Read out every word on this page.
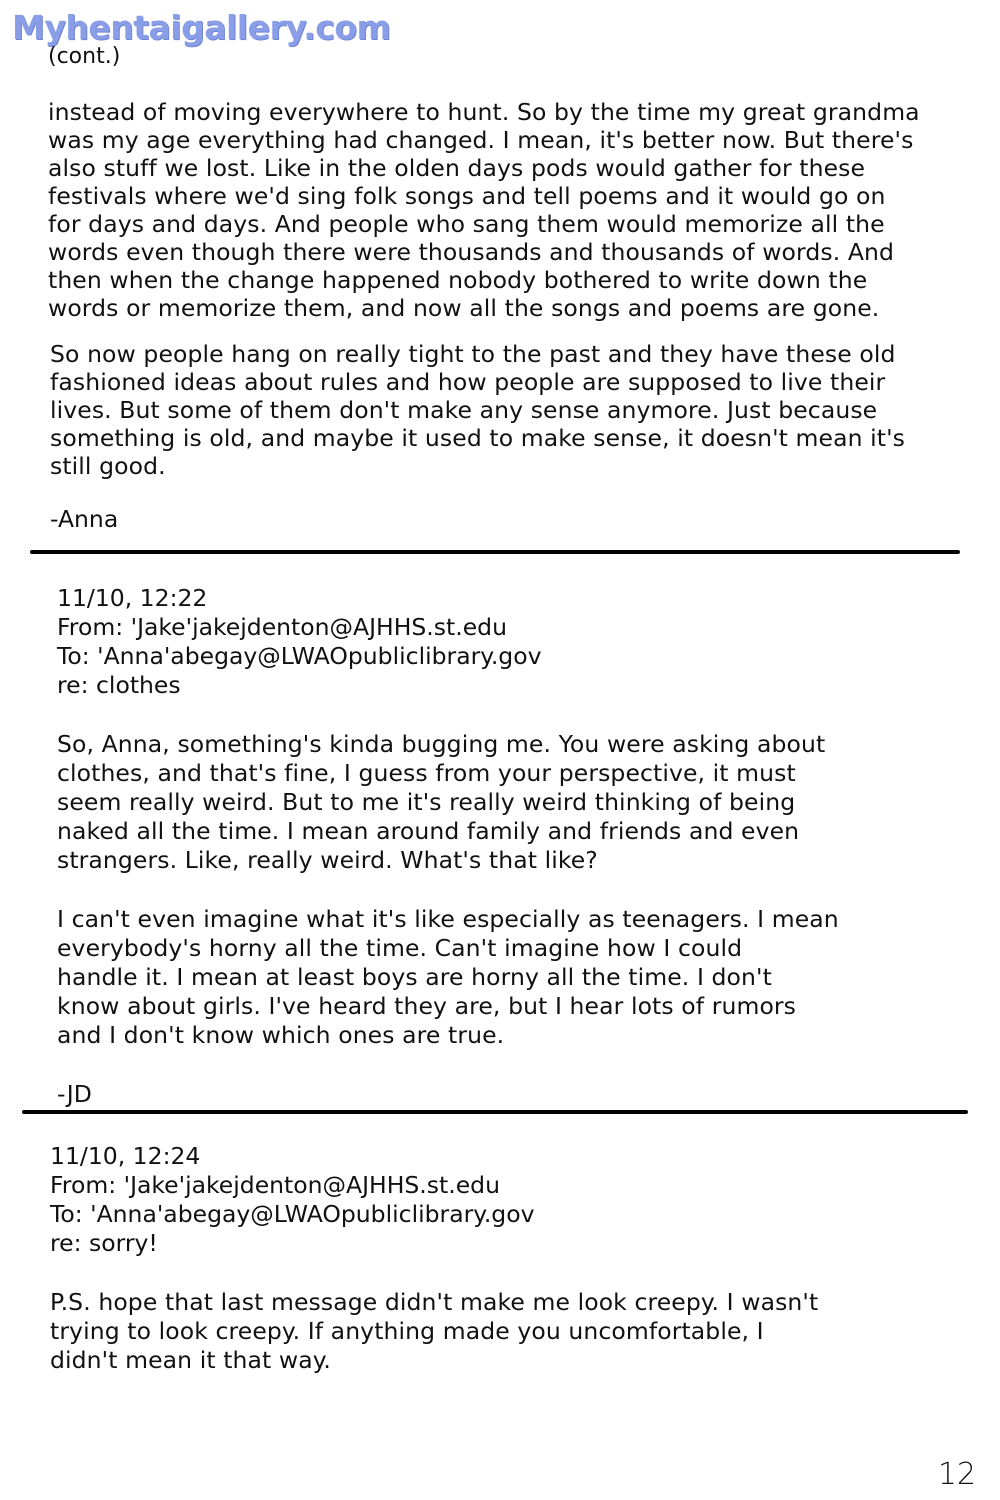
Myhentaigallery.com

(cont.)

instead of moving everywhere to hunt. So by the time my great grandma
was my age everything had changed. I mean, it's better now. But there's
also stuff we lost. Like in the olden days pods would gather for these
festivals where we'd sing folk songs and tell poems and it would go on
for days and days. And people who sang them would memorize all the
words even though there were thousands and thousands of words. And
then when the change happened nobody bothered to write down the
words or memorize them, and now all the songs and poems are gone.

So now people hang on really tight to the past and they have these old
fashioned ideas about rules and how people are supposed to live their
lives. But some of them don't make any sense anymore. Just because
something is old, and maybe it used to make sense, it doesn't mean it's
still good.

-Anna

11/10, 12:22
From: 'Jake'jakejdenton@AJHHS.st.edu
To: 'Anna'abegay@LWAOpubliclibrary.gov
re: clothes

So, Anna, something's kinda bugging me. You were asking about
clothes, and that's fine, I guess from your perspective, it must
seem really weird. But to me it's really weird thinking of being
naked all the time. I mean around family and friends and even
strangers. Like, really weird. What's that like?

I can't even imagine what it's like especially as teenagers. I mean
everybody's horny all the time. Can't imagine how I could
handle it. I mean at least boys are horny all the time. I don't
know about girls. I've heard they are, but I hear lots of rumors
and I don't know which ones are true.

-JD

11/10, 12:24
From: 'Jake'jakejdenton@AJHHS.st.edu
To: 'Anna'abegay@LWAOpubliclibrary.gov
re: sorry!

P.S. hope that last message didn't make me look creepy. I wasn't
trying to look creepy. If anything made you uncomfortable, I
didn't mean it that way.

12
